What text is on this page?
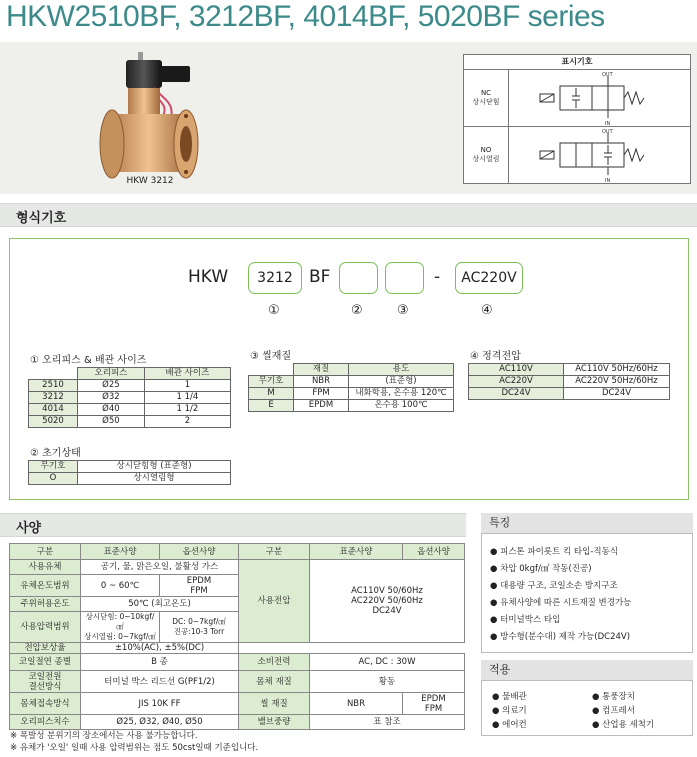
HKW2510BF, 3212BF, 4014BF, 5020BF series
HKW 3212
표시기호
NC
상시닫힘
OUT
IN
NO
상시열림
OUT
IN
형식기호
HKW	3212 BF	-	AC220V
①	②	③	④
① 오리피스 & 배관 사이즈
	오리피스	배관 사이즈
2510	Ø25	1
3212	Ø32	1 1/4
4014	Ø40	1 1/2
5020	Ø50	2
② 초기상태
무기호	상시닫힘형 (표준형)
O	상시열림형
③ 씰재질
	재질	용도
무기호	NBR	(표준형)
M	FPM	내화학용, 온수용 120℃
E	EPDM	온수용 100℃
④ 정격전압
AC110V	AC110V 50Hz/60Hz
AC220V	AC220V 50Hz/60Hz
DC24V	DC24V
사양
구분	표준사양	옵션사양	구분	표준사양	옵션사양
사용유체	공기, 물, 맑은오일, 불활성 가스		사용전압	AC110V 50/60Hz
AC220V 50/60Hz
DC24V	
유체온도범위	0 ~ 60℃	EPDM
FPM			
주위허용온도	50℃ (최고온도)				
사용압력범위	상시닫힘: 0~10kgf/㎠
상시열림: 0~7kgf/㎠	DC: 0~7kgf/㎠
진공:10-3 Torr			
전압보상율	±10%(AC), ±5%(DC)				
코일절연 종별	B 종		소비전력	AC, DC : 30W	
코일전원
결선방식	터미널 박스 리드선 G(PF1/2)		몸체 재질	황동	
몸체접속방식	JIS 10K FF		씰 재질	NBR	EPDM
FPM
오리피스치수	Ø25, Ø32, Ø40, Ø50		밸브중량	표 참조	
특징
● 피스톤 파이롯트 킥 타입-직동식
● 차압 0kgf/㎠ 작동(진공)
● 대용량 구조, 코일소손 방지구조
● 유체사양에 따른 시트재질 변경가능
● 터미널박스 타입
● 방수형(분수대) 제작 가능(DC24V)
적용
● 물배관	● 통풍장치
● 의료기	● 컴프레서
● 에어컨	● 산업용 세척기
※ 폭발성 분위기의 장소에서는 사용 불가능합니다.
※ 유체가 '오일' 일때 사용 압력범위는 점도 50cst일때 기준입니다.
